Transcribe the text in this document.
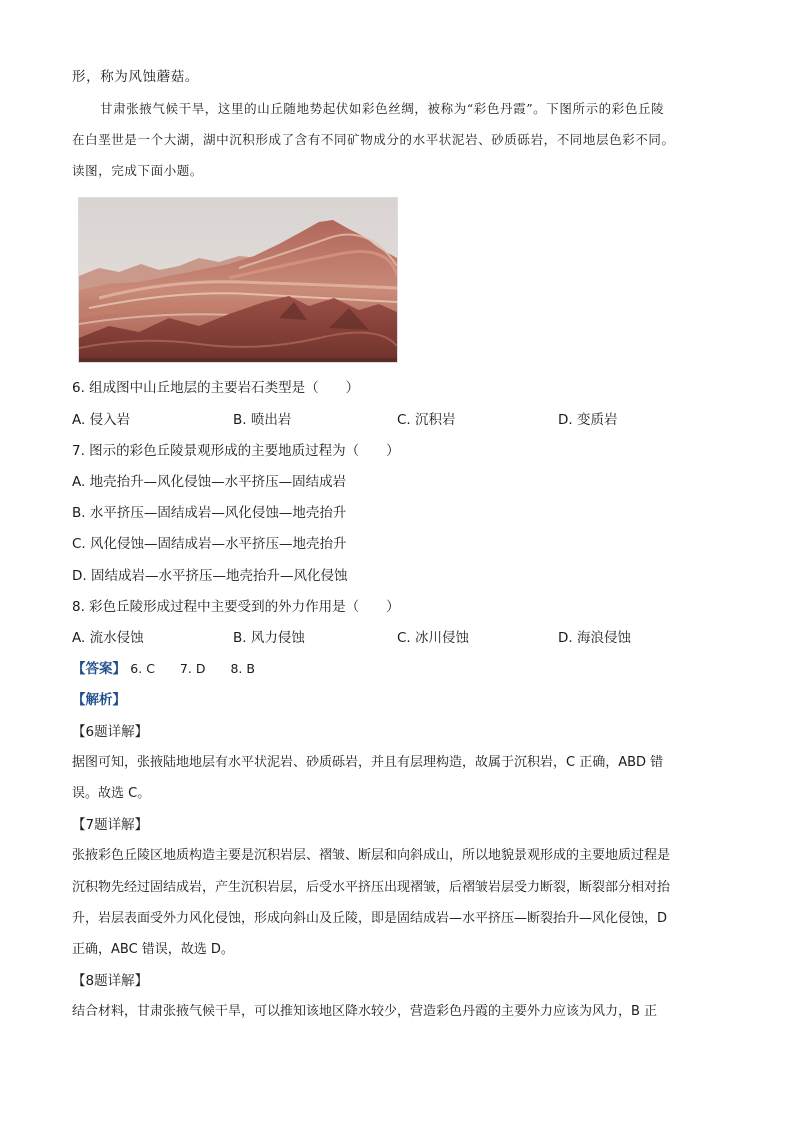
形，称为风蚀蘑菇。
甘肃张掖气候干旱，这里的山丘随地势起伏如彩色丝绸，被称为“彩色丹霞”。下图所示的彩色丘陵
在白垩世是一个大湖，湖中沉积形成了含有不同矿物成分的水平状泥岩、砂质砾岩，不同地层色彩不同。
读图，完成下面小题。
6. 组成图中山丘地层的主要岩石类型是（　　）
A. 侵入岩	B. 喷出岩	C. 沉积岩	D. 变质岩
7. 图示的彩色丘陵景观形成的主要地质过程为（　　）
A. 地壳抬升—风化侵蚀—水平挤压—固结成岩
B. 水平挤压—固结成岩—风化侵蚀—地壳抬升
C. 风化侵蚀—固结成岩—水平挤压—地壳抬升
D. 固结成岩—水平挤压—地壳抬升—风化侵蚀
8. 彩色丘陵形成过程中主要受到的外力作用是（　　）
A. 流水侵蚀	B. 风力侵蚀	C. 冰川侵蚀	D. 海浪侵蚀
【答案】 6. C　　7. D　　8. B
【解析】
【6题详解】
据图可知，张掖陆地地层有水平状泥岩、砂质砾岩，并且有层理构造，故属于沉积岩，C 正确，ABD 错
误。故选 C。
【7题详解】
张掖彩色丘陵区地质构造主要是沉积岩层、褶皱、断层和向斜成山，所以地貌景观形成的主要地质过程是
沉积物先经过固结成岩，产生沉积岩层，后受水平挤压出现褶皱，后褶皱岩层受力断裂，断裂部分相对抬
升，岩层表面受外力风化侵蚀，形成向斜山及丘陵，即是固结成岩—水平挤压—断裂抬升—风化侵蚀，D
正确，ABC 错误，故选 D。
【8题详解】
结合材料，甘肃张掖气候干旱，可以推知该地区降水较少，营造彩色丹霞的主要外力应该为风力，B 正
